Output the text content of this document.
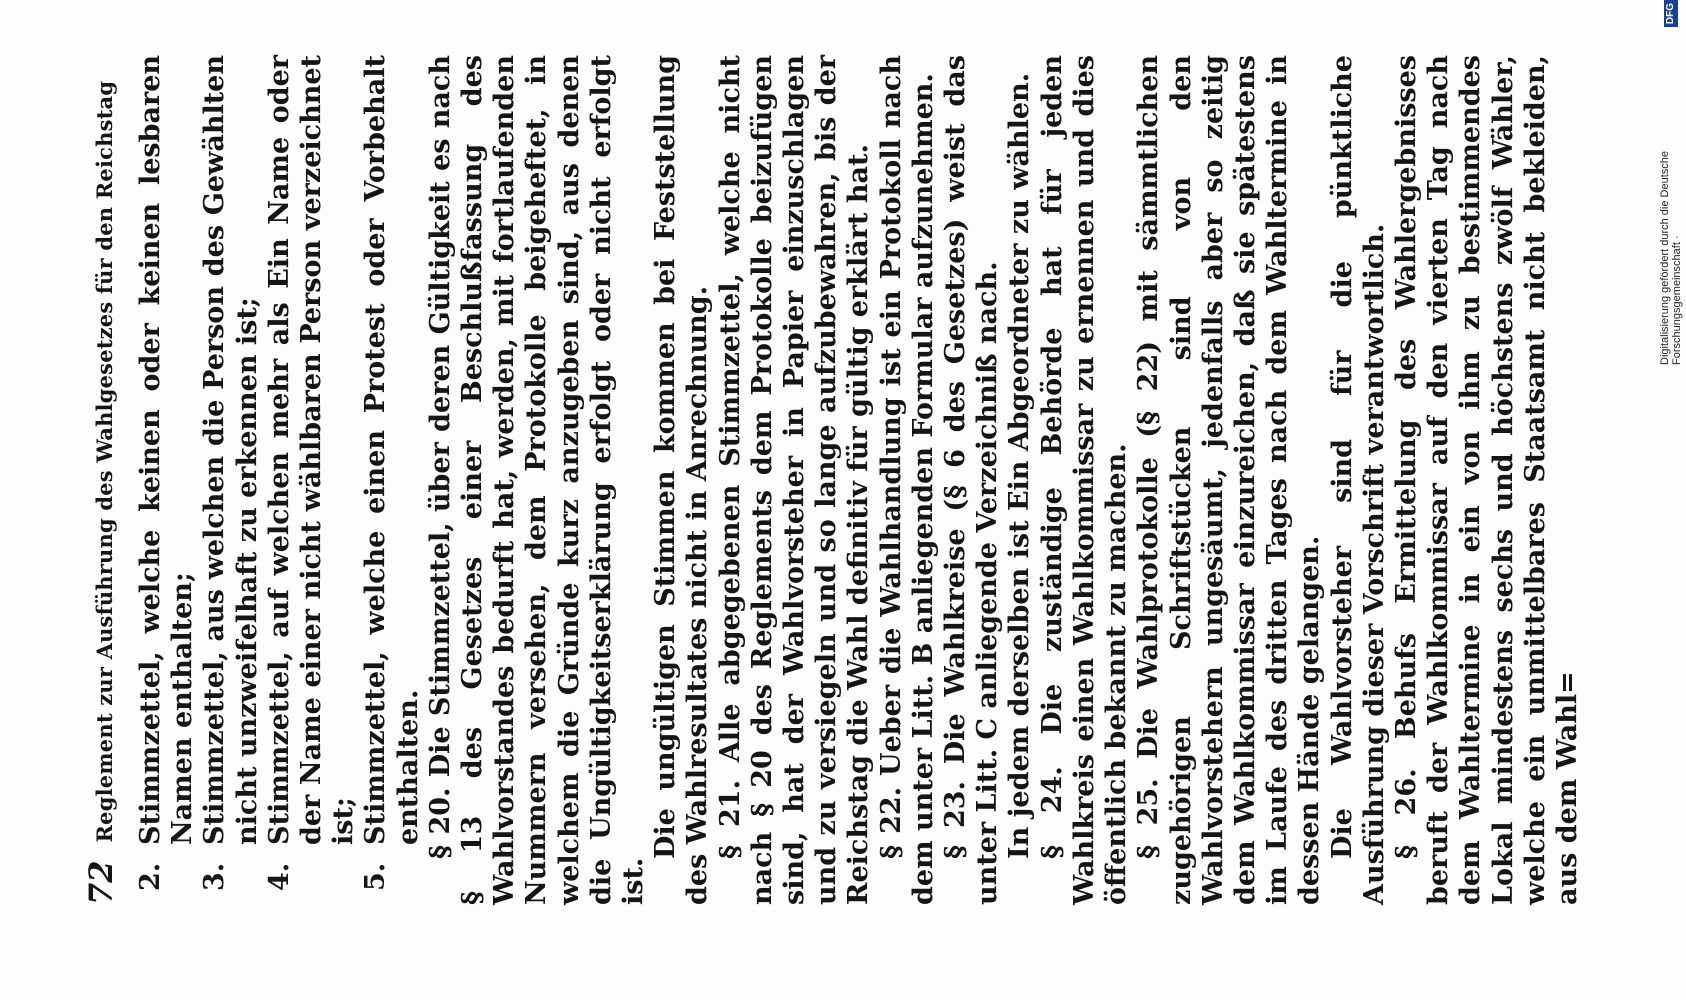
72
Reglement zur Ausführung des Wahlgesetzes für den Reichstag
2.
Stimmzettel, welche keinen oder keinen lesbaren Namen enthalten;
3.
Stimmzettel, aus welchen die Person des Gewählten nicht unzweifelhaft zu erkennen ist;
4.
Stimmzettel, auf welchen mehr als Ein Name oder der Name einer nicht wählbaren Person verzeichnet ist;
5.
Stimmzettel, welche einen Protest oder Vorbehalt enthalten. § 20. Die Stimmzettel, über deren Gültigkeit es nach § 13 des Gesetzes einer Beschlußfassung des Wahlvorstandes bedurft hat, werden, mit fortlaufenden Nummern versehen, dem Protokolle beigeheftet, in welchem die Gründe kurz anzugeben sind, aus denen die Ungültigkeitserklärung erfolgt oder nicht erfolgt ist.

Die ungültigen Stimmen kommen bei Feststellung des Wahlresultates nicht in Anrechnung. § 21. Alle abgegebenen Stimmzettel, welche nicht nach § 20 des Reglements dem Protokolle beizufügen sind, hat der Wahlvorsteher in Papier einzuschlagen und zu versiegeln und so lange aufzubewahren, bis der Reichstag die Wahl definitiv für gültig erklärt hat. § 22. Ueber die Wahlhandlung ist ein Protokoll nach dem unter Litt. B anliegenden Formular aufzunehmen. § 23. Die Wahlkreise (§ 6 des Gesetzes) weist das unter Litt. C anliegende Verzeichniß nach. In jedem derselben ist Ein Abgeordneter zu wählen. § 24. Die zuständige Behörde hat für jeden Wahlkreis einen Wahlkommissar zu ernennen und dies öffentlich bekannt zu machen. § 25. Die Wahlprotokolle (§ 22) mit sämmtlichen zugehörigen Schriftstücken sind von den Wahlvorstehern ungesäumt, jedenfalls aber so zeitig dem Wahlkommissar einzureichen, daß sie spätestens im Laufe des dritten Tages nach dem Wahltermine in dessen Hände gelangen. Die Wahlvorsteher sind für die pünktliche Ausführung dieser Vorschrift verantwortlich. § 26. Behufs Ermittelung des Wahlergebnisses beruft der Wahlkommissar auf den vierten Tag nach dem Wahltermine in ein von ihm zu bestimmendes Lokal mindestens sechs und höchstens zwölf Wähler, welche ein unmittelbares Staatsamt nicht bekleiden, aus dem Wahl=

Digitalisierung gefördert durch die Deutsche Forschungsgemeinschaft ·
DFG
